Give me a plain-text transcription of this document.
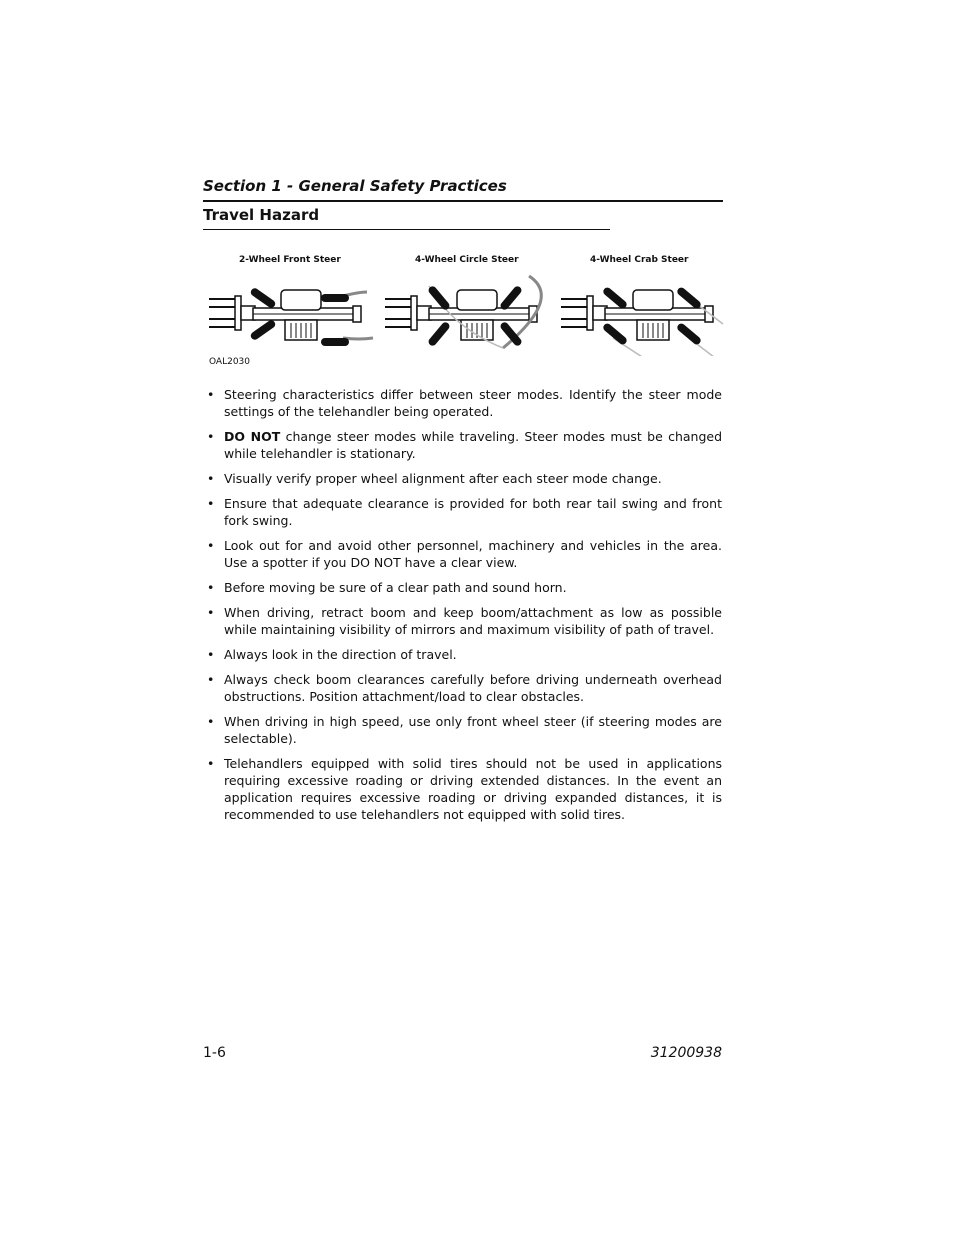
Section 1 - General Safety Practices
Travel Hazard
2-Wheel Front Steer	4-Wheel Circle Steer	4-Wheel Crab Steer
OAL2030
• Steering characteristics differ between steer modes. Identify the steer mode settings of the telehandler being operated.
• DO NOT change steer modes while traveling. Steer modes must be changed while telehandler is stationary.
• Visually verify proper wheel alignment after each steer mode change.
• Ensure that adequate clearance is provided for both rear tail swing and front fork swing.
• Look out for and avoid other personnel, machinery and vehicles in the area. Use a spotter if you DO NOT have a clear view.
• Before moving be sure of a clear path and sound horn.
• When driving, retract boom and keep boom/attachment as low as possible while maintaining visibility of mirrors and maximum visibility of path of travel.
• Always look in the direction of travel.
• Always check boom clearances carefully before driving underneath overhead obstructions. Position attachment/load to clear obstacles.
• When driving in high speed, use only front wheel steer (if steering modes are selectable).
• Telehandlers equipped with solid tires should not be used in applications requiring excessive roading or driving extended distances. In the event an application requires excessive roading or driving expanded distances, it is recommended to use telehandlers not equipped with solid tires.
1-6	31200938
